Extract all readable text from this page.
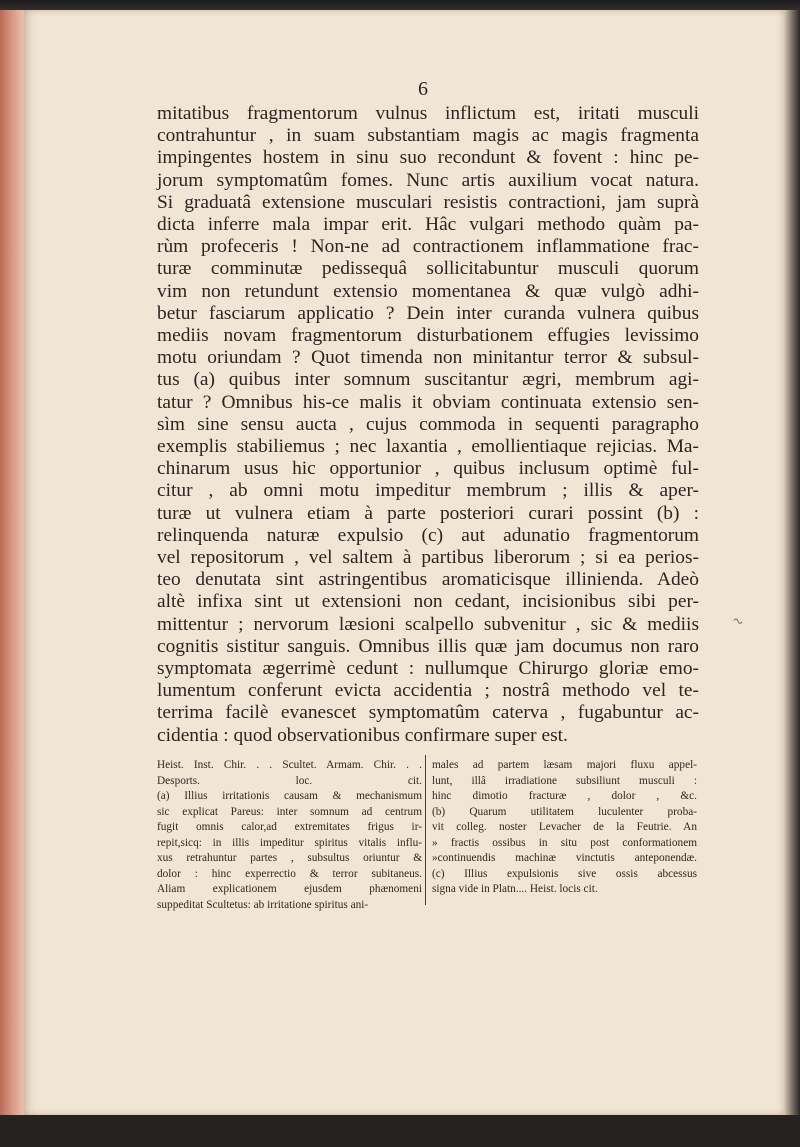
6
mitatibus fragmentorum vulnus inflictum est, iritati musculi
contrahuntur , in suam substantiam magis ac magis fragmenta
impingentes hostem in sinu suo recondunt & fovent : hinc pe-
jorum symptomatûm fomes. Nunc artis auxilium vocat natura.
Si graduatâ extensione musculari resistis contractioni, jam suprà
dicta inferre mala impar erit. Hâc vulgari methodo quàm pa-
rùm profeceris ! Non-ne ad contractionem inflammatione frac-
turæ comminutæ pedissequâ sollicitabuntur musculi quorum
vim non retundunt extensio momentanea & quæ vulgò adhi-
betur fasciarum applicatio ? Dein inter curanda vulnera quibus
mediis novam fragmentorum disturbationem effugies levissimo
motu oriundam ? Quot timenda non minitantur terror & subsul-
tus (a) quibus inter somnum suscitantur ægri, membrum agi-
tatur ? Omnibus his-ce malis it obviam continuata extensio sen-
sìm sine sensu aucta , cujus commoda in sequenti paragrapho
exemplis stabiliemus ; nec laxantia , emollientiaque rejicias. Ma-
chinarum usus hic opportunior , quibus inclusum optimè ful-
citur , ab omni motu impeditur membrum ; illis & aper-
turæ ut vulnera etiam à parte posteriori curari possint (b) :
relinquenda naturæ expulsio (c) aut adunatio fragmentorum
vel repositorum , vel saltem à partibus liberorum ; si ea perios-
teo denutata sint astringentibus aromaticisque illinienda. Adeò
altè infixa sint ut extensioni non cedant, incisionibus sibi per-
mittentur ; nervorum læsioni scalpello subvenitur , sic & mediis
cognitis sistitur sanguis. Omnibus illis quæ jam documus non raro
symptomata ægerrimè cedunt : nullumque Chirurgo gloriæ emo-
lumentum conferunt evicta accidentia ; nostrâ methodo vel te-
terrima facilè evanescet symptomatûm caterva , fugabuntur ac-
cidentia : quod observationibus confirmare super est.
Heist. Inst. Chir. . . Scultet. Armam. Chir. . .
Desports. loc. cit.
(a) Illius irritationis causam & mechanismum
sic explicat Pareus: inter somnum ad centrum
fugit omnis calor,ad extremitates frigus ir-
repit,sicq: in illis impeditur spiritus vitalis influ-
xus retrahuntur partes , subsultus oriuntur &
dolor : hinc experrectio & terror subitaneus.
Aliam explicationem ejusdem phænomeni
suppeditat Scultetus: ab irritatione spiritus ani-
males ad partem læsam majori fluxu appel-
lunt, illâ irradiatione subsiliunt musculi :
hinc dimotio fracturæ , dolor , &c.
(b) Quarum utilitatem luculenter proba-
vit colleg. noster Levacher de la Feutrie. An
» fractis ossibus in situ post conformationem
»continuendis machinæ vinctutis anteponendæ.
(c) Illius expulsionis sive ossis abcessus
signa vide in Platn.... Heist. locis cit.
~
